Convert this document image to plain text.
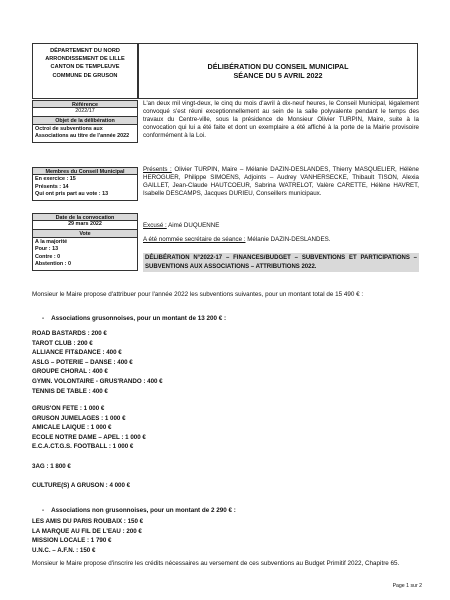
DÉPARTEMENT DU NORD
ARRONDISSEMENT DE LILLE
CANTON DE TEMPLEUVE
COMMUNE DE GRUSON
DÉLIBÉRATION DU CONSEIL MUNICIPAL
SÉANCE DU 5 AVRIL 2022
Référence
2022/17
Objet de la délibération
Octroi de subventions aux Associations au titre de l'année 2022
Membres du Conseil Municipal
En exercice : 15
Présents : 14
Qui ont pris part au vote : 13
Date de la convocation
29 mars 2022
Vote
A la majorité
Pour : 13
Contre : 0
Abstention : 0
L'an deux mil vingt-deux, le cinq du mois d'avril à dix-neuf heures, le Conseil Municipal, légalement convoqué s'est réuni exceptionnellement au sein de la salle polyvalente pendant le temps des travaux du Centre-ville, sous la présidence de Monsieur Olivier TURPIN, Maire, suite à la convocation qui lui a été faite et dont un exemplaire a été affiché à la porte de la Mairie provisoire conformément à la Loi.
Présents : Olivier TURPIN, Maire – Mélanie DAZIN-DESLANDES, Thierry MASQUELIER, Hélène HEROGUER, Philippe SIMOENS, Adjoints – Audrey VANHERSECKE, Thibault TISON, Alexia GAILLET, Jean-Claude HAUTCOEUR, Sabrina WATRELOT, Valère CARETTE, Hélène HAVRET, Isabelle DESCAMPS, Jacques DURIEU, Conseillers municipaux.
Excusé : Aimé DUQUENNE
A été nommée secrétaire de séance : Mélanie DAZIN-DESLANDES.
DÉLIBÉRATION N°2022-17 – FINANCES/BUDGET – SUBVENTIONS ET PARTICIPATIONS – SUBVENTIONS AUX ASSOCIATIONS – ATTRIBUTIONS 2022.
Monsieur le Maire propose d'attribuer pour l'année 2022 les subventions suivantes, pour un montant total de 15 490 € :
-    Associations grusonnoises, pour un montant de 13 200 € :
ROAD BASTARDS : 200 €
TAROT CLUB : 200 €
ALLIANCE FIT&DANCE : 400 €
ASLG – POTERIE – DANSE : 400 €
GROUPE CHORAL : 400 €
GYMN. VOLONTAIRE - GRUS'RANDO : 400 €
TENNIS DE TABLE : 400 €
GRUS'ON FETE : 1 000 €
GRUSON JUMELAGES : 1 000 €
AMICALE LAIQUE : 1 000 €
ECOLE NOTRE DAME – APEL : 1 000 €
E.C.A.CT.G.S. FOOTBALL : 1 000 €
3AG : 1 800 €
CULTURE(S) A GRUSON : 4 000 €
-    Associations non grusonnoises, pour un montant de 2 290 € :
LES AMIS DU PARIS ROUBAIX : 150 €
LA MARQUE AU FIL DE L'EAU : 200 €
MISSION LOCALE : 1 790 €
U.N.C. – A.F.N. : 150 €
Monsieur le Maire propose d'inscrire les crédits nécessaires au versement de ces subventions au Budget Primitif 2022, Chapitre 65.
Page 1 sur 2
